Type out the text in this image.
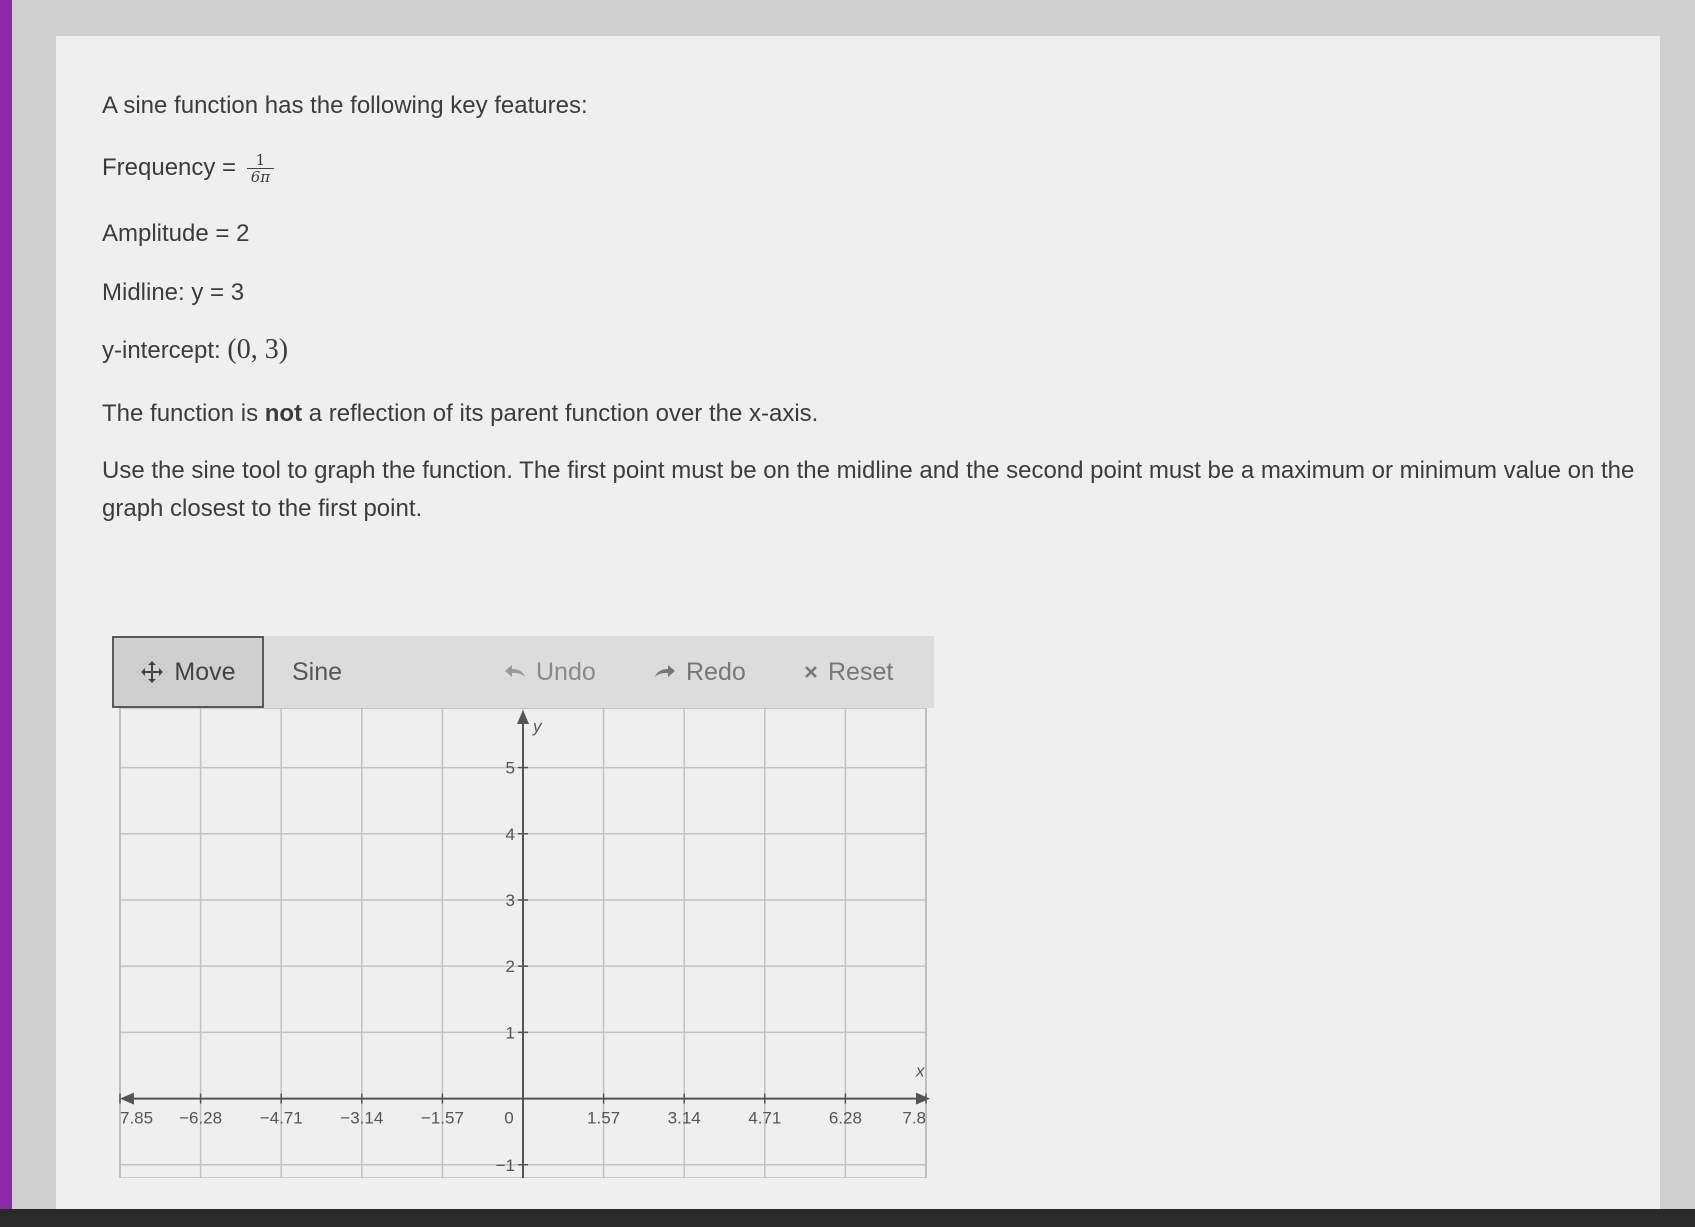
A sine function has the following key features:

Frequency = $\frac{1}{6\pi}$

Amplitude = 2

Midline: y = 3

y-intercept: (0, 3)

The function is not a reflection of its parent function over the x-axis.

Use the sine tool to graph the function. The first point must be on the midline and the second point must be a maximum or minimum value on the graph closest to the first point.

Move Sine	Undo	Redo	Reset
x
y
7.85 −6.28 −4.71 −3.14 −1.57 0	1.57	3.14	4.71	6.28 7.8
5
4
3
2
1
−1
